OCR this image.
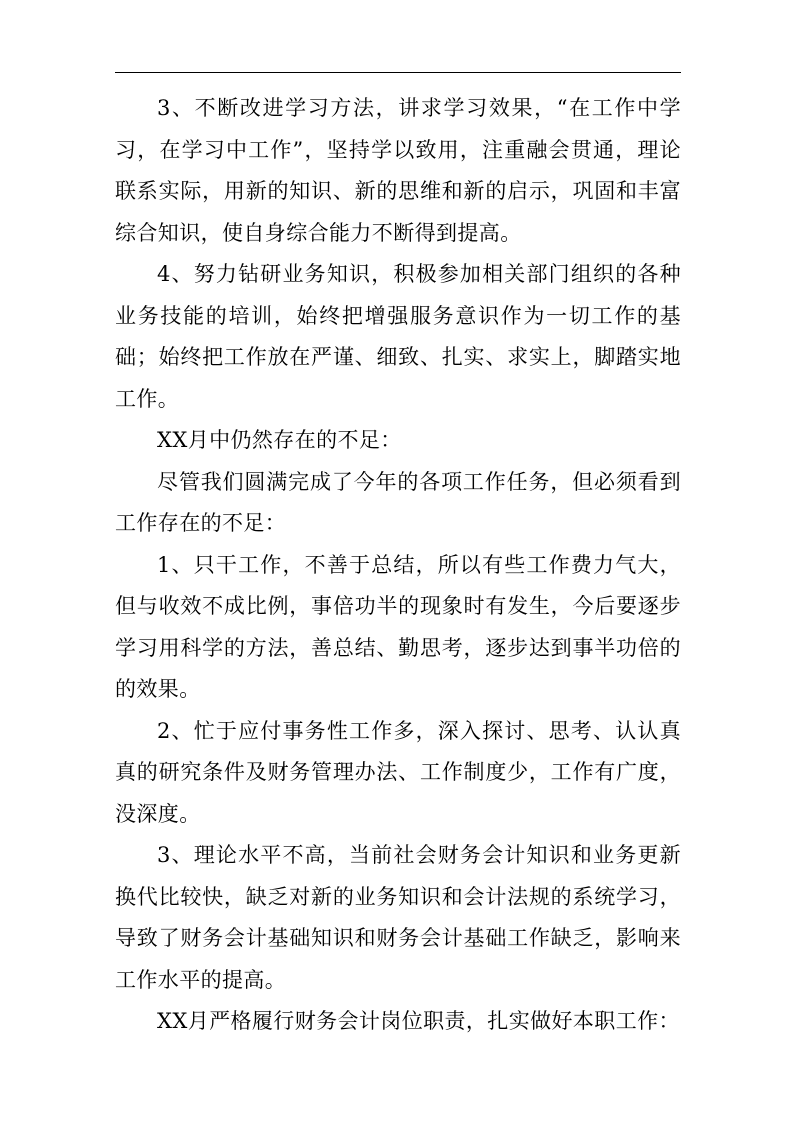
3、不断改进学习方法，讲求学习效果，“在工作中学习，在学习中工作”，坚持学以致用，注重融会贯通，理论联系实际，用新的知识、新的思维和新的启示，巩固和丰富综合知识，使自身综合能力不断得到提高。

4、努力钻研业务知识，积极参加相关部门组织的各种业务技能的培训，始终把增强服务意识作为一切工作的基础；始终把工作放在严谨、细致、扎实、求实上，脚踏实地工作。

XX月中仍然存在的不足：

尽管我们圆满完成了今年的各项工作任务，但必须看到工作存在的不足：

1、只干工作，不善于总结，所以有些工作费力气大，但与收效不成比例，事倍功半的现象时有发生，今后要逐步学习用科学的方法，善总结、勤思考，逐步达到事半功倍的的效果。

2、忙于应付事务性工作多，深入探讨、思考、认认真真的研究条件及财务管理办法、工作制度少，工作有广度，没深度。

3、理论水平不高，当前社会财务会计知识和业务更新换代比较快，缺乏对新的业务知识和会计法规的系统学习，导致了财务会计基础知识和财务会计基础工作缺乏，影响来工作水平的提高。

XX月严格履行财务会计岗位职责，扎实做好本职工作：
